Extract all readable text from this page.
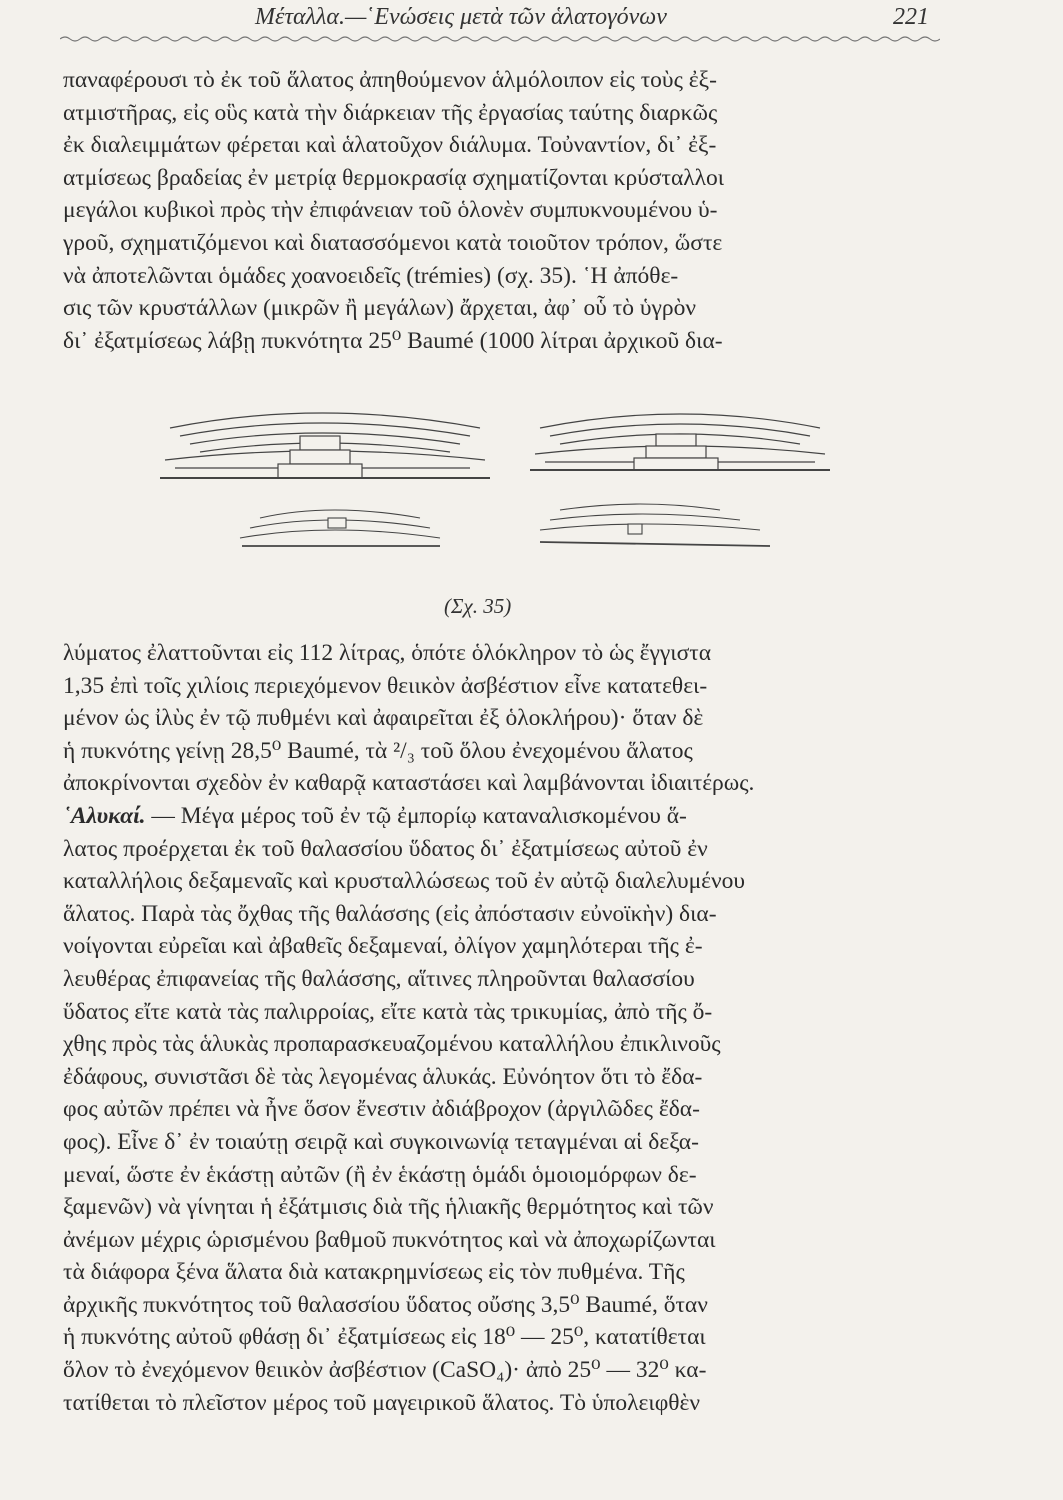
Μέταλλα.—῾Ενώσεις μετὰ τῶν ἁλατογόνων	221
παναφέρουσι τὸ ἐκ τοῦ ἅλατος ἀπηθούμενον ἁλμόλοιπον εἰς τοὺς ἐξ-
ατμιστῆρας, εἰς οὓς κατὰ τὴν διάρκειαν τῆς ἐργασίας ταύτης διαρκῶς
ἐκ διαλειμμάτων φέρεται καὶ ἁλατοῦχον διάλυμα. Τοὐναντίον, δι᾽ ἐξ-
ατμίσεως βραδείας ἐν μετρίᾳ θερμοκρασίᾳ σχηματίζονται κρύσταλλοι
μεγάλοι κυβικοὶ πρὸς τὴν ἐπιφάνειαν τοῦ ὁλονὲν συμπυκνουμένου ὑ-
γροῦ, σχηματιζόμενοι καὶ διατασσόμενοι κατὰ τοιοῦτον τρόπον, ὥστε
νὰ ἀποτελῶνται ὁμάδες χοανοειδεῖς (trémies) (σχ. 35). ῾Η ἀπόθε-
σις τῶν κρυστάλλων (μικρῶν ἢ μεγάλων) ἄρχεται, ἀφ᾽ οὗ τὸ ὑγρὸν
δι᾽ ἐξατμίσεως λάβῃ πυκνότητα 25⁰ Baumé (1000 λίτραι ἀρχικοῦ δια-
(Σχ. 35)
λύματος ἐλαττοῦνται εἰς 112 λίτρας, ὁπότε ὁλόκληρον τὸ ὡς ἔγγιστα
1,35 ἐπὶ τοῖς χιλίοις περιεχόμενον θειικὸν ἀσβέστιον εἶνε κατατεθει-
μένον ὡς ἰλὺς ἐν τῷ πυθμένι καὶ ἀφαιρεῖται ἐξ ὁλοκλήρου)· ὅταν δὲ
ἡ πυκνότης γείνῃ 28,5⁰ Baumé, τὰ ²/₃ τοῦ ὅλου ἐνεχομένου ἅλατος
ἀποκρίνονται σχεδὸν ἐν καθαρᾷ καταστάσει καὶ λαμβάνονται ἰδιαιτέρως.
῾Αλυκαί. — Μέγα μέρος τοῦ ἐν τῷ ἐμπορίῳ καταναλισκομένου ἅ-
λατος προέρχεται ἐκ τοῦ θαλασσίου ὕδατος δι᾽ ἐξατμίσεως αὐτοῦ ἐν
καταλλήλοις δεξαμεναῖς καὶ κρυσταλλώσεως τοῦ ἐν αὐτῷ διαλελυμένου
ἅλατος. Παρὰ τὰς ὄχθας τῆς θαλάσσης (εἰς ἀπόστασιν εὐνοϊκὴν) δια-
νοίγονται εὐρεῖαι καὶ ἀβαθεῖς δεξαμεναί, ὀλίγον χαμηλότεραι τῆς ἐ-
λευθέρας ἐπιφανείας τῆς θαλάσσης, αἵτινες πληροῦνται θαλασσίου
ὕδατος εἴτε κατὰ τὰς παλιρροίας, εἴτε κατὰ τὰς τρικυμίας, ἀπὸ τῆς ὄ-
χθης πρὸς τὰς ἁλυκὰς προπαρασκευαζομένου καταλλήλου ἐπικλινοῦς
ἐδάφους, συνιστᾶσι δὲ τὰς λεγομένας ἁλυκάς. Εὐνόητον ὅτι τὸ ἔδα-
φος αὐτῶν πρέπει νὰ ἦνε ὅσον ἔνεστιν ἀδιάβροχον (ἀργιλῶδες ἔδα-
φος). Εἶνε δ᾽ ἐν τοιαύτῃ σειρᾷ καὶ συγκοινωνίᾳ τεταγμέναι αἱ δεξα-
μεναί, ὥστε ἐν ἑκάστῃ αὐτῶν (ἢ ἐν ἑκάστῃ ὁμάδι ὁμοιομόρφων δε-
ξαμενῶν) νὰ γίνηται ἡ ἐξάτμισις διὰ τῆς ἡλιακῆς θερμότητος καὶ τῶν
ἀνέμων μέχρις ὡρισμένου βαθμοῦ πυκνότητος καὶ νὰ ἀποχωρίζωνται
τὰ διάφορα ξένα ἅλατα διὰ κατακρημνίσεως εἰς τὸν πυθμένα. Τῆς
ἀρχικῆς πυκνότητος τοῦ θαλασσίου ὕδατος οὔσης 3,5⁰ Baumé, ὅταν
ἡ πυκνότης αὐτοῦ φθάσῃ δι᾽ ἐξατμίσεως εἰς 18⁰ — 25⁰, κατατίθεται
ὅλον τὸ ἐνεχόμενον θειικὸν ἀσβέστιον (CaSO₄)· ἀπὸ 25⁰ — 32⁰ κα-
τατίθεται τὸ πλεῖστον μέρος τοῦ μαγειρικοῦ ἅλατος. Τὸ ὑπολειφθὲν
